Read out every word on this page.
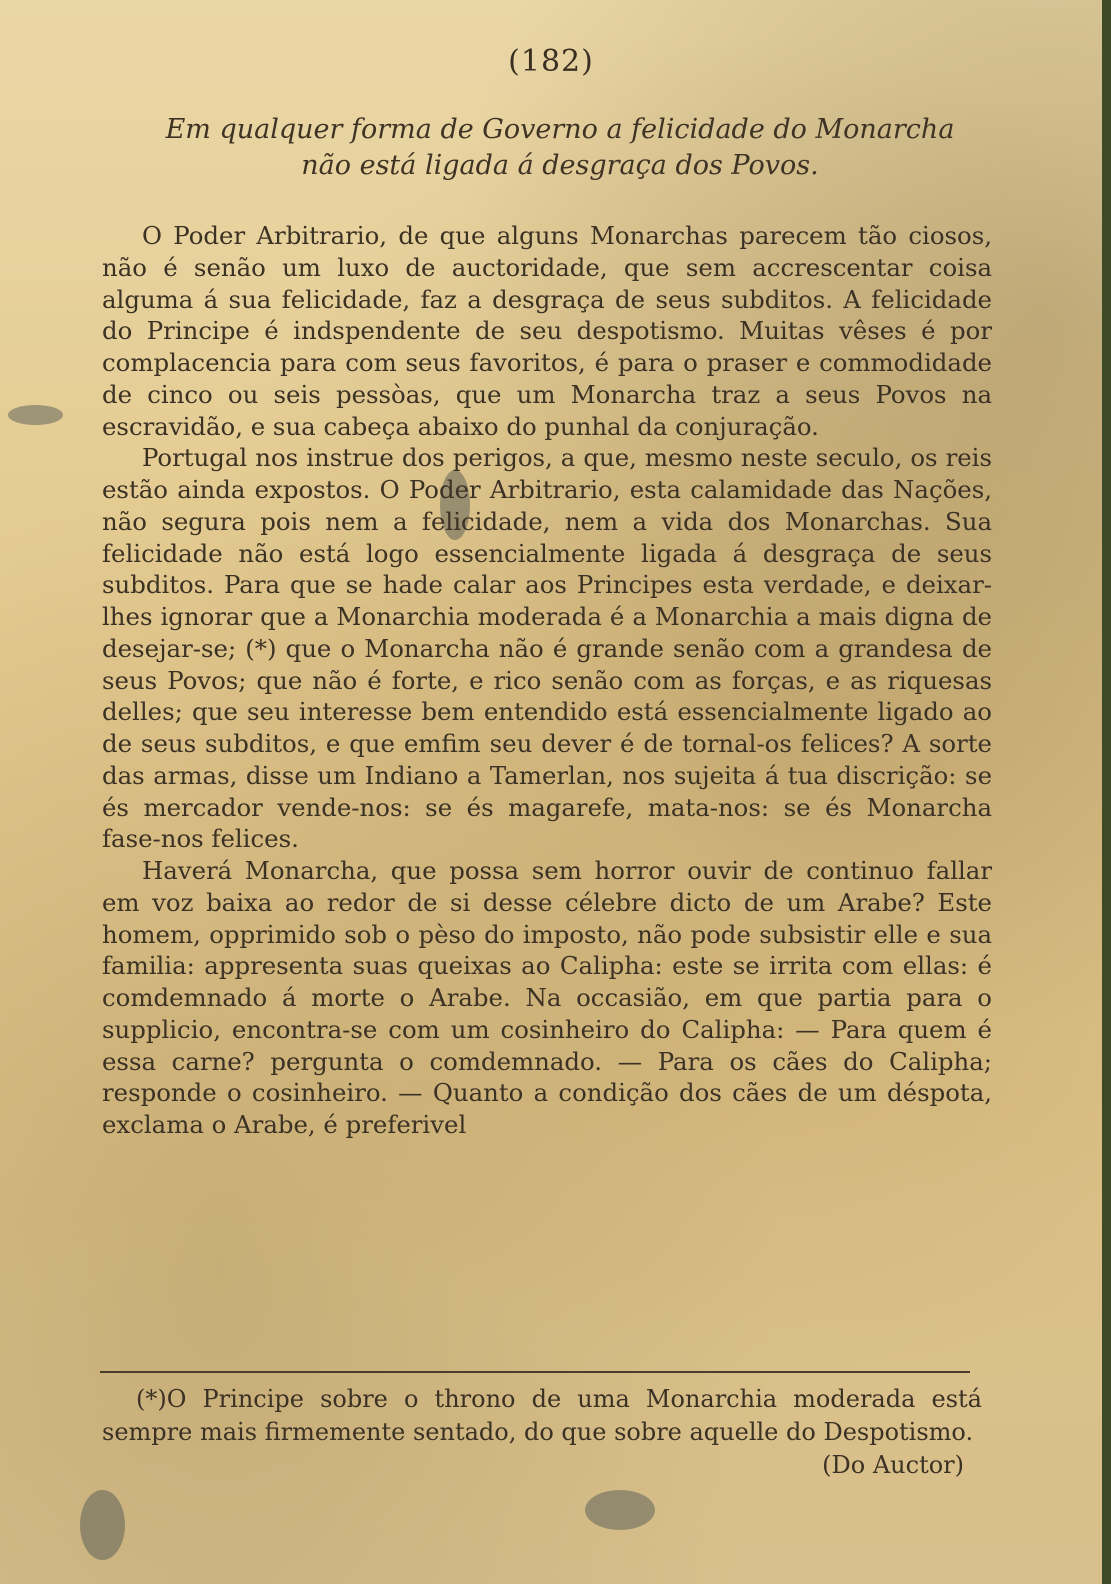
(182)
Em qualquer forma de Governo a felicidade do Monarcha não está ligada á desgraça dos Povos.

O Poder Arbitrario, de que alguns Monarchas parecem tão ciosos, não é senão um luxo de auctoridade, que sem accrescentar coisa alguma á sua felicidade, faz a desgraça de seus subditos. A felicidade do Principe é indspendente de seu despotismo. Muitas vêses é por complacencia para com seus favoritos, é para o praser e commodidade de cinco ou seis pessòas, que um Monarcha traz a seus Povos na escravidão, e sua cabeça abaixo do punhal da conjuração.

Portugal nos instrue dos perigos, a que, mesmo neste seculo, os reis estão ainda expostos. O Poder Arbitrario, esta calamidade das Nações, não segura pois nem a felicidade, nem a vida dos Monarchas. Sua felicidade não está logo essencialmente ligada á desgraça de seus subditos. Para que se hade calar aos Principes esta verdade, e deixar-lhes ignorar que a Monarchia moderada é a Monarchia a mais digna de desejar-se; (*) que o Monarcha não é grande senão com a grandesa de seus Povos; que não é forte, e rico senão com as forças, e as riquesas delles; que seu interesse bem entendido está essencialmente ligado ao de seus subditos, e que emfim seu dever é de tornal-os felices? A sorte das armas, disse um Indiano a Tamerlan, nos sujeita á tua discrição: se és mercador vende-nos: se és magarefe, mata-nos: se és Monarcha fase-nos felices.

Haverá Monarcha, que possa sem horror ouvir de continuo fallar em voz baixa ao redor de si desse célebre dicto de um Arabe? Este homem, opprimido sob o pèso do imposto, não pode subsistir elle e sua familia: appresenta suas queixas ao Calipha: este se irrita com ellas: é comdemnado á morte o Arabe. Na occasião, em que partia para o supplicio, encontra-se com um cosinheiro do Calipha: — Para quem é essa carne? pergunta o comdemnado. — Para os cães do Calipha; responde o cosinheiro. — Quanto a condição dos cães de um déspota, exclama o Arabe, é preferivel

(*)O Principe sobre o throno de uma Monarchia moderada está sempre mais firmemente sentado, do que sobre aquelle do Despotismo.
(Do Auctor)
